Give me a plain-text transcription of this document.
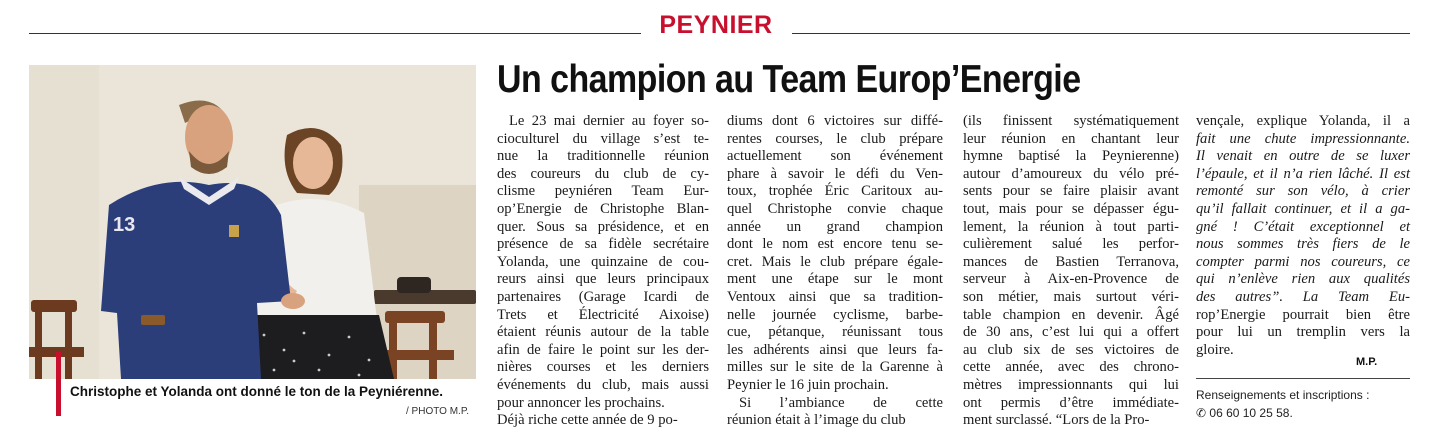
PEYNIER
13
Christophe et Yolanda ont donné le ton de la Peyniérenne.
/ PHOTO M.P.
Un champion au Team Europ’Energie
Le 23 mai dernier au foyer so-
cioculturel du village s’est te-
nue la traditionnelle réunion
des coureurs du club de cy-
clisme peyniéren Team Eur-
op’Energie de Christophe Blan-
quer. Sous sa présidence, et en
présence de sa fidèle secrétaire
Yolanda, une quinzaine de cou-
reurs ainsi que leurs principaux
partenaires (Garage Icardi de
Trets et Électricité Aixoise)
étaient réunis autour de la table
afin de faire le point sur les der-
nières courses et les derniers
événements du club, mais aussi
pour annoncer les prochains.
Déjà riche cette année de 9 po-
diums dont 6 victoires sur diffé-
rentes courses, le club prépare
actuellement son événement
phare à savoir le défi du Ven-
toux, trophée Éric Caritoux au-
quel Christophe convie chaque
année un grand champion
dont le nom est encore tenu se-
cret. Mais le club prépare égale-
ment une étape sur le mont
Ventoux ainsi que sa tradition-
nelle journée cyclisme, barbe-
cue, pétanque, réunissant tous
les adhérents ainsi que leurs fa-
milles sur le site de la Garenne à
Peynier le 16 juin prochain.
Si l’ambiance de cette
réunion était à l’image du club
(ils finissent systématiquement
leur réunion en chantant leur
hymne baptisé la Peynierenne)
autour d’amoureux du vélo pré-
sents pour se faire plaisir avant
tout, mais pour se dépasser égu-
lement, la réunion à tout parti-
culièrement salué les perfor-
mances de Bastien Terranova,
serveur à Aix-en-Provence de
son métier, mais surtout véri-
table champion en devenir. Âgé
de 30 ans, c’est lui qui a offert
au club six de ses victoires de
cette année, avec des chrono-
mètres impressionnants qui lui
ont permis d’être immédiate-
ment surclassé. “Lors de la Pro-
vençale, explique Yolanda, il a
fait une chute impressionnante.
Il venait en outre de se luxer
l’épaule, et il n’a rien lâché. Il est
remonté sur son vélo, à crier
qu’il fallait continuer, et il a ga-
gné ! C’était exceptionnel et
nous sommes très fiers de le
compter parmi nos coureurs, ce
qui n’enlève rien aux qualités
des autres”. La Team Eu-
rop’Energie pourrait bien être
pour lui un tremplin vers la
gloire.
M.P.
Renseignements et inscriptions :
✆ 06 60 10 25 58.
